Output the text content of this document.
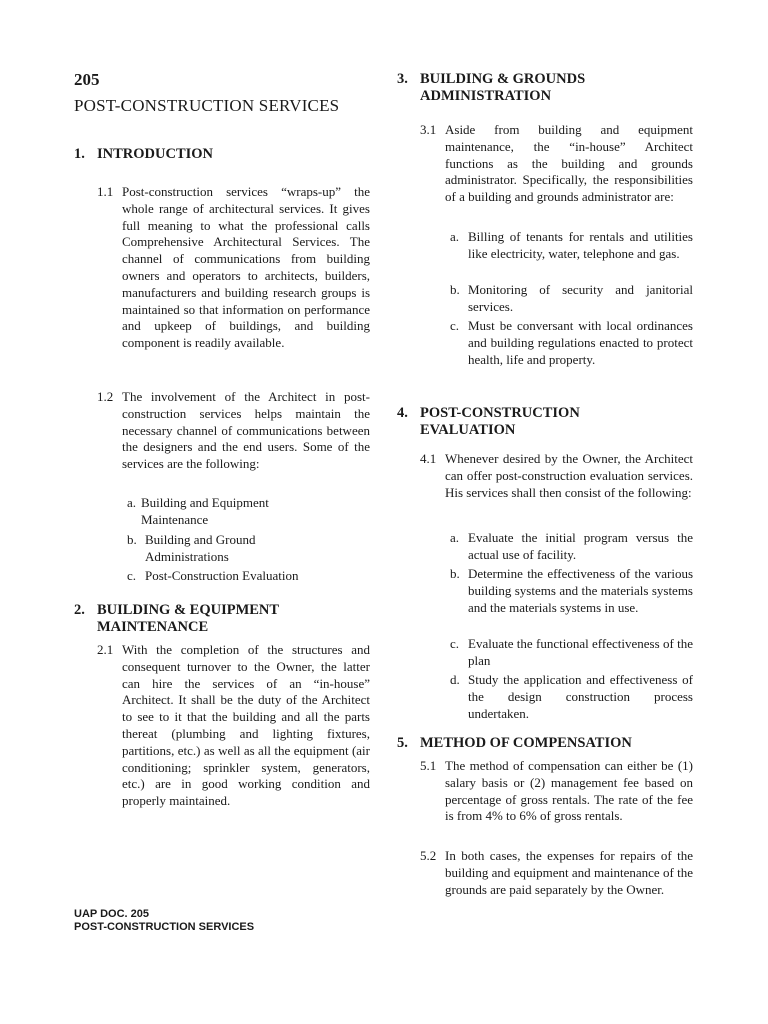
205
POST-CONSTRUCTION SERVICES
1. INTRODUCTION
1.1 Post-construction services “wraps-up” the whole range of architectural services. It gives full meaning to what the professional calls Comprehensive Architectural Services. The channel of communications from building owners and operators to architects, builders, manufacturers and building research groups is maintained so that information on performance and upkeep of buildings, and building component is readily available.
1.2 The involvement of the Architect in post-construction services helps maintain the necessary channel of communications between the designers and the end users. Some of the services are the following:
a. Building and Equipment Maintenance
b. Building and Ground Administrations
c. Post-Construction Evaluation
2. BUILDING & EQUIPMENT
MAINTENANCE
2.1 With the completion of the structures and consequent turnover to the Owner, the latter can hire the services of an “in-house” Architect. It shall be the duty of the Architect to see to it that the building and all the parts thereat (plumbing and lighting fixtures, partitions, etc.) as well as all the equipment (air conditioning; sprinkler system, generators, etc.) are in good working condition and properly maintained.
3. BUILDING & GROUNDS
ADMINISTRATION
3.1 Aside from building and equipment maintenance, the “in-house” Architect functions as the building and grounds administrator. Specifically, the responsibilities of a building and grounds administrator are:
a. Billing of tenants for rentals and utilities like electricity, water, telephone and gas.
b. Monitoring of security and janitorial services.
c. Must be conversant with local ordinances and building regulations enacted to protect health, life and property.
4. POST-CONSTRUCTION
EVALUATION
4.1 Whenever desired by the Owner, the Architect can offer post-construction evaluation services. His services shall then consist of the following:
a. Evaluate the initial program versus the actual use of facility.
b. Determine the effectiveness of the various building systems and the materials systems and the materials systems in use.
c. Evaluate the functional effectiveness of the plan
d. Study the application and effectiveness of the design construction process undertaken.
5. METHOD OF COMPENSATION
5.1 The method of compensation can either be (1) salary basis or (2) management fee based on percentage of gross rentals. The rate of the fee is from 4% to 6% of gross rentals.
5.2 In both cases, the expenses for repairs of the building and equipment and maintenance of the grounds are paid separately by the Owner.
UAP DOC. 205
POST-CONSTRUCTION SERVICES
